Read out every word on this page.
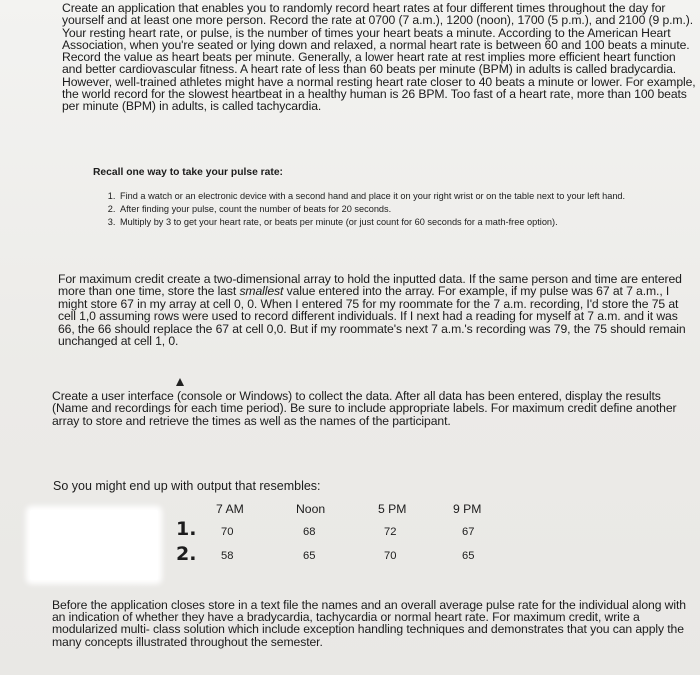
Create an application that enables you to randomly record heart rates at four different times throughout the day for yourself and at least one more person. Record the rate at 0700 (7 a.m.), 1200 (noon), 1700 (5 p.m.), and 2100 (9 p.m.). Your resting heart rate, or pulse, is the number of times your heart beats a minute. According to the American Heart Association, when you're seated or lying down and relaxed, a normal heart rate is between 60 and 100 beats a minute. Record the value as heart beats per minute. Generally, a lower heart rate at rest implies more efficient heart function and better cardiovascular fitness. A heart rate of less than 60 beats per minute (BPM) in adults is called bradycardia. However, well-trained athletes might have a normal resting heart rate closer to 40 beats a minute or lower. For example, the world record for the slowest heartbeat in a healthy human is 26 BPM. Too fast of a heart rate, more than 100 beats per minute (BPM) in adults, is called tachycardia.

Recall one way to take your pulse rate:

1. Find a watch or an electronic device with a second hand and place it on your right wrist or on the table next to your left hand.
2. After finding your pulse, count the number of beats for 20 seconds.
3. Multiply by 3 to get your heart rate, or beats per minute (or just count for 60 seconds for a math-free option).

For maximum credit create a two-dimensional array to hold the inputted data. If the same person and time are entered more than one time, store the last smallest value entered into the array. For example, if my pulse was 67 at 7 a.m., I might store 67 in my array at cell 0, 0. When I entered 75 for my roommate for the 7 a.m. recording, I'd store the 75 at cell 1,0 assuming rows were used to record different individuals. If I next had a reading for myself at 7 a.m. and it was 66, the 66 should replace the 67 at cell 0,0. But if my roommate's next 7 a.m.'s recording was 79, the 75 should remain unchanged at cell 1, 0.

Create a user interface (console or Windows) to collect the data. After all data has been entered, display the results (Name and recordings for each time period). Be sure to include appropriate labels. For maximum credit define another array to store and retrieve the times as well as the names of the participant.

So you might end up with output that resembles:
7 AM	Noon	5 PM	9 PM
1. 70	68	72	67
2. 58	65	70	65

Before the application closes store in a text file the names and an overall average pulse rate for the individual along with an indication of whether they have a bradycardia, tachycardia or normal heart rate. For maximum credit, write a modularized multi- class solution which include exception handling techniques and demonstrates that you can apply the many concepts illustrated throughout the semester.
